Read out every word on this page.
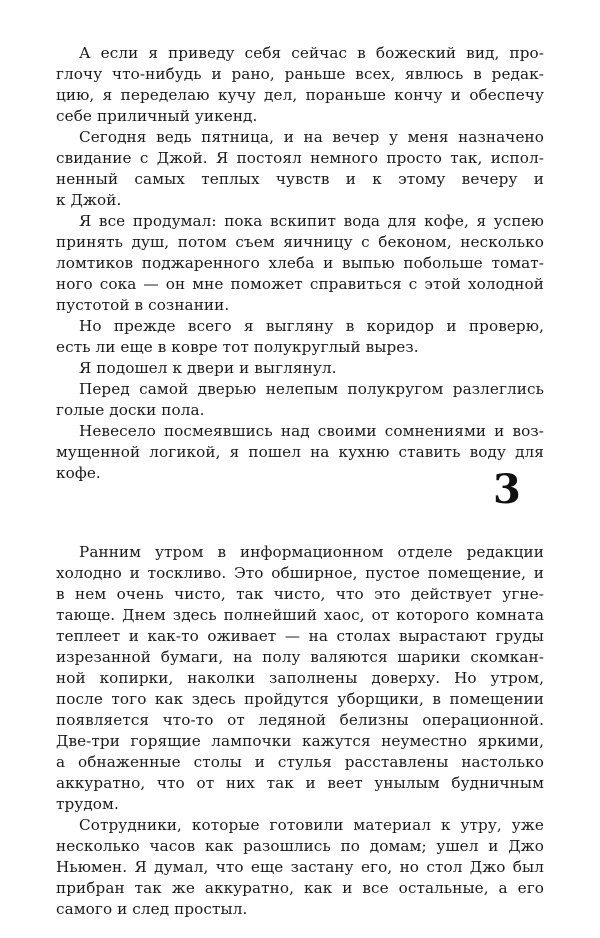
А если я приведу себя сейчас в божеский вид, про-
глочу что-нибудь и рано, раньше всех, явлюсь в редак-
цию, я переделаю кучу дел, пораньше кончу и обеспечу
себе приличный уикенд.
Сегодня ведь пятница, и на вечер у меня назначено
свидание с Джой. Я постоял немного просто так, испол-
ненный самых теплых чувств и к этому вечеру и
к Джой.
Я все продумал: пока вскипит вода для кофе, я успею
принять душ, потом съем яичницу с беконом, несколько
ломтиков поджаренного хлеба и выпью побольше томат-
ного сока — он мне поможет справиться с этой холодной
пустотой в сознании.
Но прежде всего я выгляну в коридор и проверю,
есть ли еще в ковре тот полукруглый вырез.
Я подошел к двери и выглянул.
Перед самой дверью нелепым полукругом разлеглись
голые доски пола.
Невесело посмеявшись над своими сомнениями и воз-
мущенной логикой, я пошел на кухню ставить воду для
кофе.	3
Ранним утром в информационном отделе редакции
холодно и тоскливо. Это обширное, пустое помещение, и
в нем очень чисто, так чисто, что это действует угне-
тающе. Днем здесь полнейший хаос, от которого комната
теплеет и как-то оживает — на столах вырастают груды
изрезанной бумаги, на полу валяются шарики скомкан-
ной копирки, наколки заполнены доверху. Но утром,
после того как здесь пройдутся уборщики, в помещении
появляется что-то от ледяной белизны операционной.
Две-три горящие лампочки кажутся неуместно яркими,
а обнаженные столы и стулья расставлены настолько
аккуратно, что от них так и веет унылым будничным
трудом.
Сотрудники, которые готовили материал к утру, уже
несколько часов как разошлись по домам; ушел и Джо
Ньюмен. Я думал, что еще застану его, но стол Джо был
прибран так же аккуратно, как и все остальные, а его
самого и след простыл.
